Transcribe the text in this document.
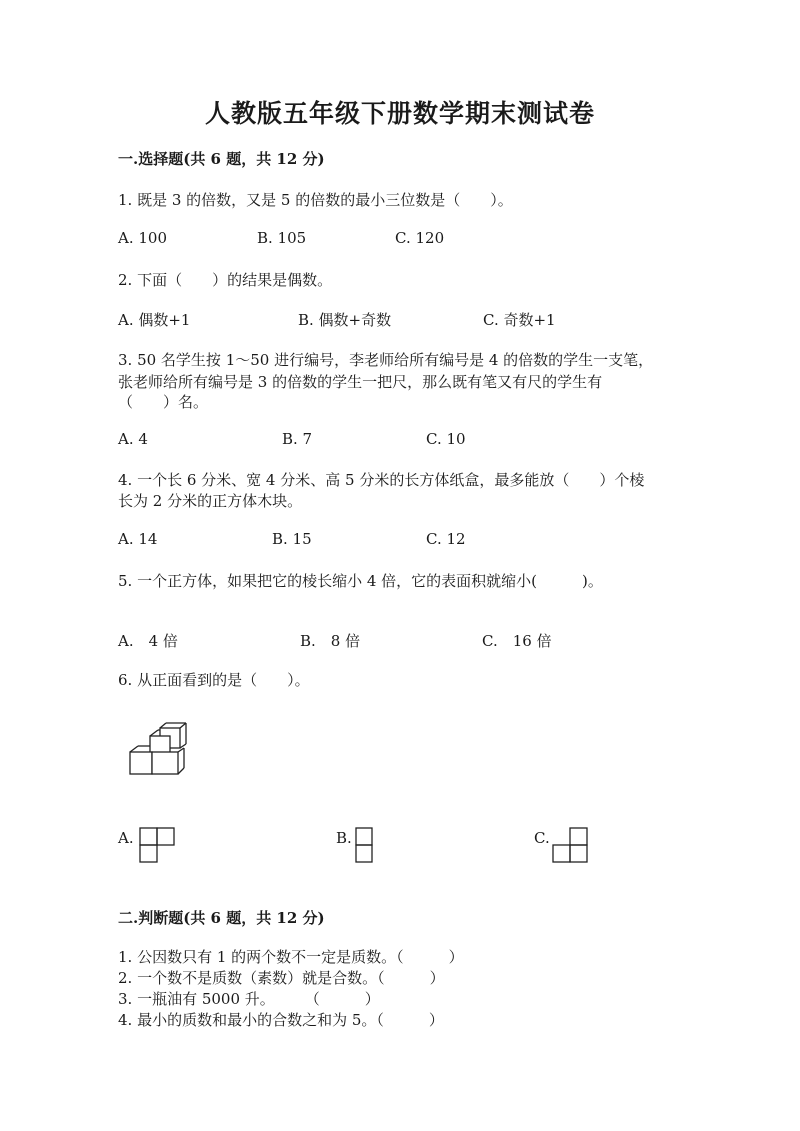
人教版五年级下册数学期末测试卷
一.选择题(共 6 题，共 12 分)
1. 既是 3 的倍数，又是 5 的倍数的最小三位数是（　　）。
A. 100	B. 105	C. 120
2. 下面（　　）的结果是偶数。
A. 偶数+1	B. 偶数+奇数	C. 奇数+1
3. 50 名学生按 1～50 进行编号，李老师给所有编号是 4 的倍数的学生一支笔，
张老师给所有编号是 3 的倍数的学生一把尺，那么既有笔又有尺的学生有
（　　）名。
A. 4	B. 7	C. 10
4. 一个长 6 分米、宽 4 分米、高 5 分米的长方体纸盒，最多能放（　　）个棱
长为 2 分米的正方体木块。
A. 14	B. 15	C. 12
5. 一个正方体，如果把它的棱长缩小 4 倍，它的表面积就缩小(　　　)。
A.　4 倍	B.　8 倍	C.　16 倍
6. 从正面看到的是（　　）。
A.	B.	C.
二.判断题(共 6 题，共 12 分)
1. 公因数只有 1 的两个数不一定是质数。（　　　）
2. 一个数不是质数（素数）就是合数。（　　　）
3. 一瓶油有 5000 升。　　　（　　　）
4. 最小的质数和最小的合数之和为 5。（　　　）
